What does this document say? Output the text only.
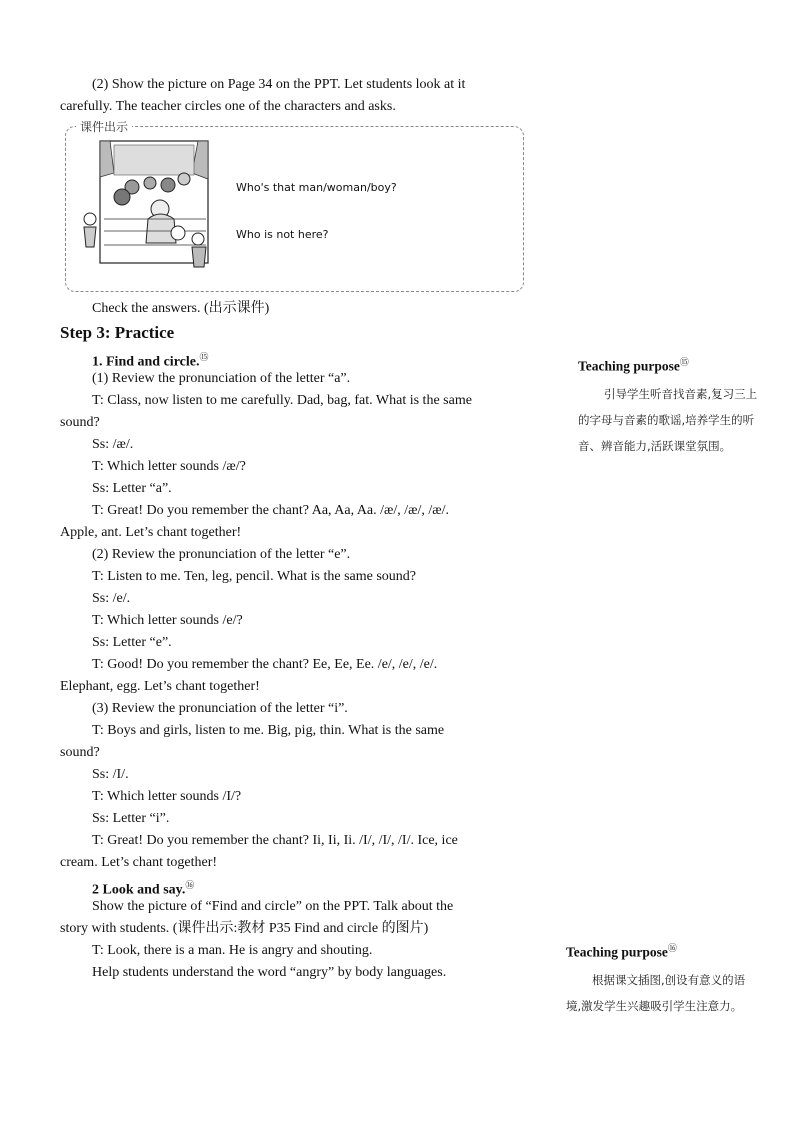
(2) Show the picture on Page 34 on the PPT. Let students look at it

carefully. The teacher circles one of the characters and asks.

课件出示
Who's that man/woman/boy?
Who is not here?

Check the answers. (出示课件)

Step 3: Practice

1. Find and circle.⑮
(1) Review the pronunciation of the letter “a”.
T: Class, now listen to me carefully. Dad, bag, fat. What is the same
sound?
Ss: /æ/.
T: Which letter sounds /æ/?
Ss: Letter “a”.
T: Great! Do you remember the chant? Aa, Aa, Aa. /æ/, /æ/, /æ/.
Apple, ant. Let’s chant together!
(2) Review the pronunciation of the letter “e”.
T: Listen to me. Ten, leg, pencil. What is the same sound?
Ss: /e/.
T: Which letter sounds /e/?
Ss: Letter “e”.
T: Good! Do you remember the chant? Ee, Ee, Ee. /e/, /e/, /e/.
Elephant, egg. Let’s chant together!
(3) Review the pronunciation of the letter “i”.
T: Boys and girls, listen to me. Big, pig, thin. What is the same
sound?
Ss: /I/.
T: Which letter sounds /I/?
Ss: Letter “i”.
T: Great! Do you remember the chant? Ii, Ii, Ii. /I/, /I/, /I/. Ice, ice
cream. Let’s chant together!
2 Look and say.⑯
Show the picture of “Find and circle” on the PPT. Talk about the
story with students. (课件出示:教材 P35 Find and circle 的图片)
T: Look, there is a man. He is angry and shouting.
Help students understand the word “angry” by body languages.
Teaching purpose⑮

引导学生听音找音素,复习三上的字母与音素的歌谣,培养学生的听音、辨音能力,活跃课堂氛围。

Teaching purpose⑯

根据课文插图,创设有意义的语境,激发学生兴趣吸引学生注意力。
